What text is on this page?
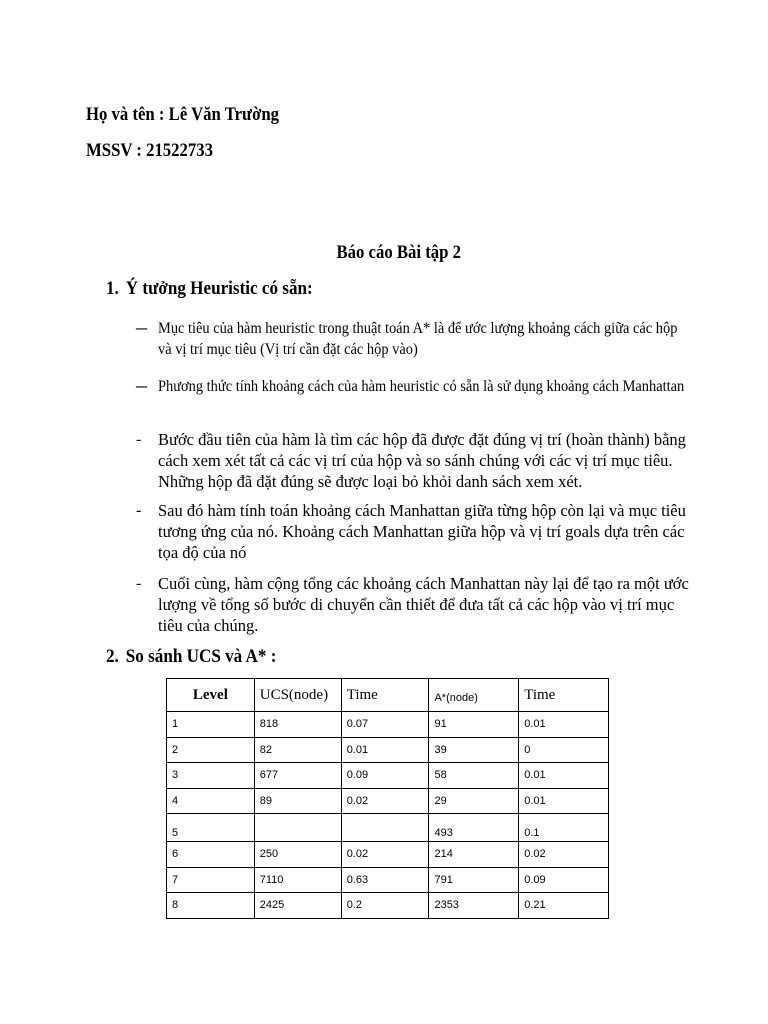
Họ và tên : Lê Văn Trường
MSSV : 21522733
Báo cáo Bài tập 2
1. Ý tưởng Heuristic có sẵn:
– Mục tiêu của hàm heuristic trong thuật toán A* là để ước lượng khoảng cách giữa các hộp và vị trí mục tiêu (Vị trí cần đặt các hộp vào)
– Phương thức tính khoảng cách của hàm heuristic có sẵn là sử dụng khoảng cách Manhattan
-	Bước đầu tiên của hàm là tìm các hộp đã được đặt đúng vị trí (hoàn thành) bằng cách xem xét tất cả các vị trí của hộp và so sánh chúng với các vị trí mục tiêu. Những hộp đã đặt đúng sẽ được loại bỏ khỏi danh sách xem xét.
-	Sau đó hàm tính toán khoảng cách Manhattan giữa từng hộp còn lại và mục tiêu tương ứng của nó. Khoảng cách Manhattan giữa hộp và vị trí goals dựa trên các tọa độ của nó
-	Cuối cùng, hàm cộng tổng các khoảng cách Manhattan này lại để tạo ra một ước lượng về tổng số bước di chuyển cần thiết để đưa tất cả các hộp vào vị trí mục tiêu của chúng.
2. So sánh UCS và A* :
Level	UCS(node)	Time	A*(node)	Time
1	818	0.07	91	0.01
2	82	0.01	39	0
3	677	0.09	58	0.01
4	89	0.02	29	0.01
5			493	0.1
6	250	0.02	214	0.02
7	7110	0.63	791	0.09
8	2425	0.2	2353	0.21
